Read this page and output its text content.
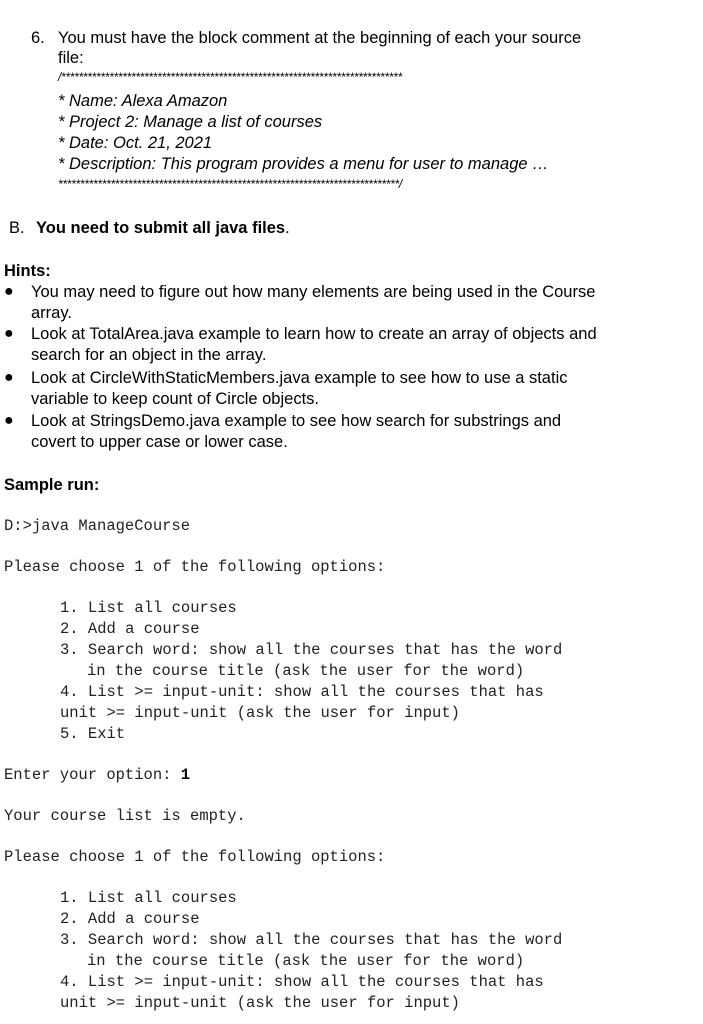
6. You must have the block comment at the beginning of each your source
file:
/******************************************************************************
* Name: Alexa Amazon
* Project 2: Manage a list of courses
* Date: Oct. 21, 2021
* Description: This program provides a menu for user to manage …
******************************************************************************/
B. You need to submit all java files.
Hints:
● You may need to figure out how many elements are being used in the Course
array.
● Look at TotalArea.java example to learn how to create an array of objects and
search for an object in the array.
● Look at CircleWithStaticMembers.java example to see how to use a static
variable to keep count of Circle objects.
● Look at StringsDemo.java example to see how search for substrings and
covert to upper case or lower case.
Sample run:
D:>java ManageCourse
Please choose 1 of the following options:
1. List all courses
2. Add a course
3. Search word: show all the courses that has the word
in the course title (ask the user for the word)
4. List >= input-unit: show all the courses that has
unit >= input-unit (ask the user for input)
5. Exit
Enter your option: 1
Your course list is empty.
Please choose 1 of the following options:
1. List all courses
2. Add a course
3. Search word: show all the courses that has the word
in the course title (ask the user for the word)
4. List >= input-unit: show all the courses that has
unit >= input-unit (ask the user for input)
